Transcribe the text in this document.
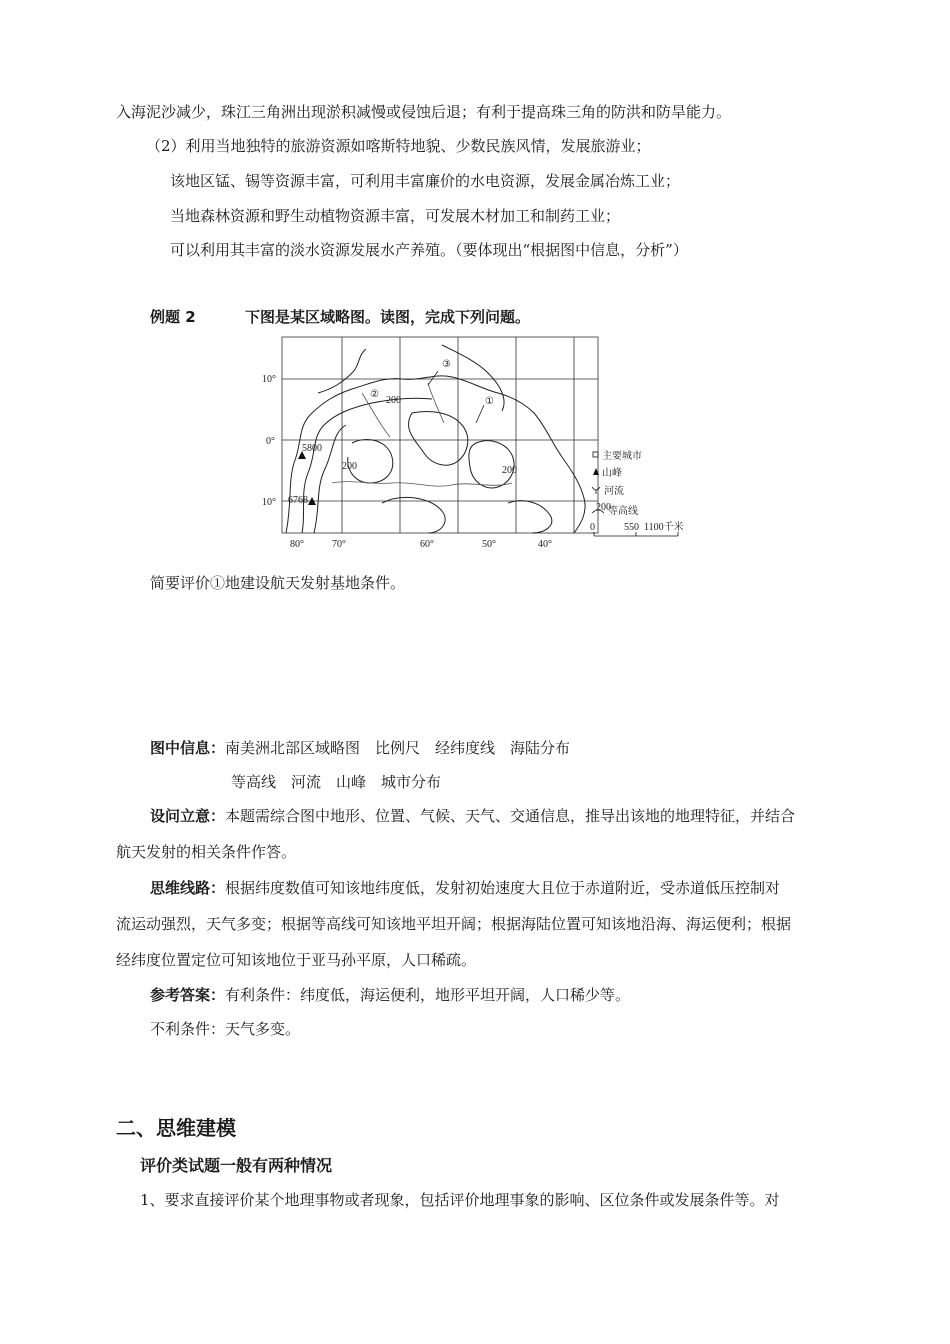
入海泥沙减少，珠江三角洲出现淤积减慢或侵蚀后退；有利于提高珠三角的防洪和防旱能力。
（2）利用当地独特的旅游资源如喀斯特地貌、少数民族风情，发展旅游业；
该地区锰、锡等资源丰富，可利用丰富廉价的水电资源，发展金属冶炼工业；
当地森林资源和野生动植物资源丰富，可发展木材加工和制药工业；
可以利用其丰富的淡水资源发展水产养殖。（要体现出“根据图中信息，分析”）
例题 2	下图是某区域略图。读图，完成下列问题。
①
②
③
5800
6768
200
200
200
10°
0°
10°
80°	70°	60°	50°	40°
主要城市
山峰
河流
200
等高线
0	550 1100千米
简要评价①地建设航天发射基地条件。
图中信息：南美洲北部区域略图　比例尺　经纬度线　海陆分布
等高线　河流　山峰　城市分布
设问立意：本题需综合图中地形、位置、气候、天气、交通信息，推导出该地的地理特征，并结合
航天发射的相关条件作答。
思维线路：根据纬度数值可知该地纬度低，发射初始速度大且位于赤道附近，受赤道低压控制对
流运动强烈，天气多变；根据等高线可知该地平坦开阔；根据海陆位置可知该地沿海、海运便利；根据
经纬度位置定位可知该地位于亚马孙平原，人口稀疏。
参考答案：有利条件：纬度低，海运便利，地形平坦开阔，人口稀少等。
不利条件：天气多变。
二、思维建模
评价类试题一般有两种情况
1、要求直接评价某个地理事物或者现象，包括评价地理事象的影响、区位条件或发展条件等。对
